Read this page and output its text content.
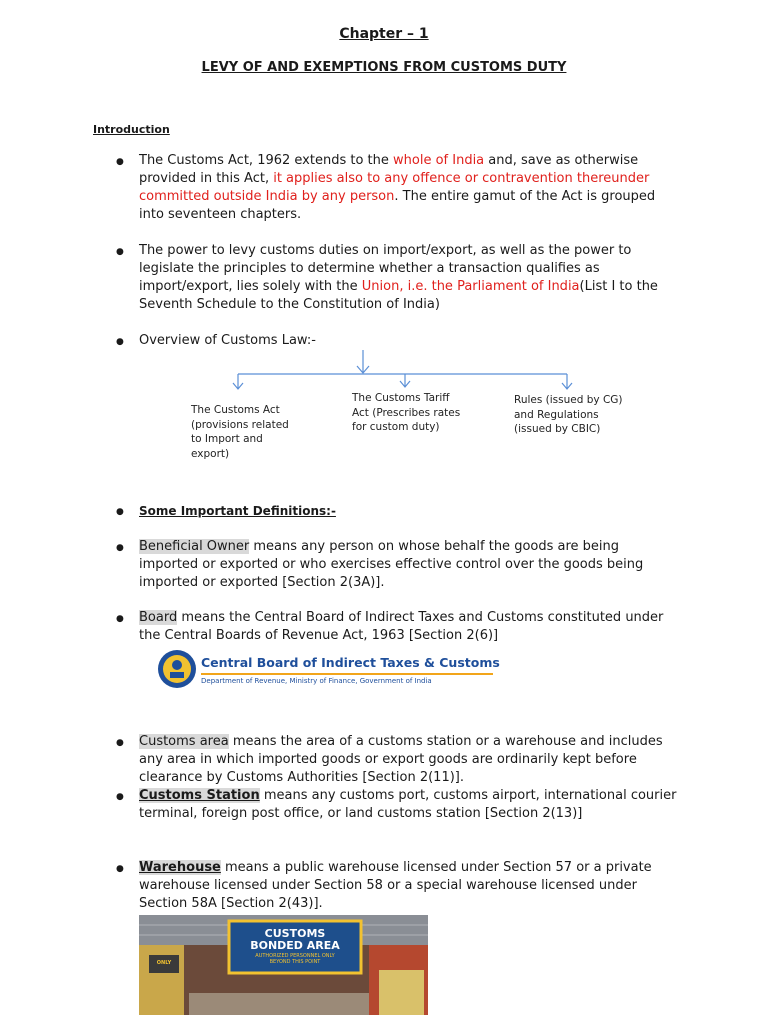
Chapter – 1
LEVY OF AND EXEMPTIONS FROM CUSTOMS DUTY
Introduction
● The Customs Act, 1962 extends to the whole of India and, save as otherwise provided in this Act, it applies also to any offence or contravention thereunder committed outside India by any person. The entire gamut of the Act is grouped into seventeen chapters.
● The power to levy customs duties on import/export, as well as the power to legislate the principles to determine whether a transaction qualifies as import/export, lies solely with the Union, i.e. the Parliament of India(List I to the Seventh Schedule to the Constitution of India)
● Overview of Customs Law:-
The Customs Act
(provisions related
to Import and
export)
The Customs Tariff
Act (Prescribes rates
for custom duty)
Rules (issued by CG)
and Regulations
(issued by CBIC)
● Some Important Definitions:-
● Beneficial Owner means any person on whose behalf the goods are being imported or exported or who exercises effective control over the goods being imported or exported [Section 2(3A)].
● Board means the Central Board of Indirect Taxes and Customs constituted under the Central Boards of Revenue Act, 1963 [Section 2(6)]
Central Board of Indirect Taxes & Customs
Department of Revenue, Ministry of Finance, Government of India
● Customs area means the area of a customs station or a warehouse and includes any area in which imported goods or export goods are ordinarily kept before clearance by Customs Authorities [Section 2(11)].
● Customs Station means any customs port, customs airport, international courier terminal, foreign post office, or land customs station [Section 2(13)]
● Warehouse means a public warehouse licensed under Section 57 or a private warehouse licensed under Section 58 or a special warehouse licensed under Section 58A [Section 2(43)].
CUSTOMS
BONDED AREA
AUTHORIZED PERSONNEL ONLY
BEYOND THIS POINT
ONLY
